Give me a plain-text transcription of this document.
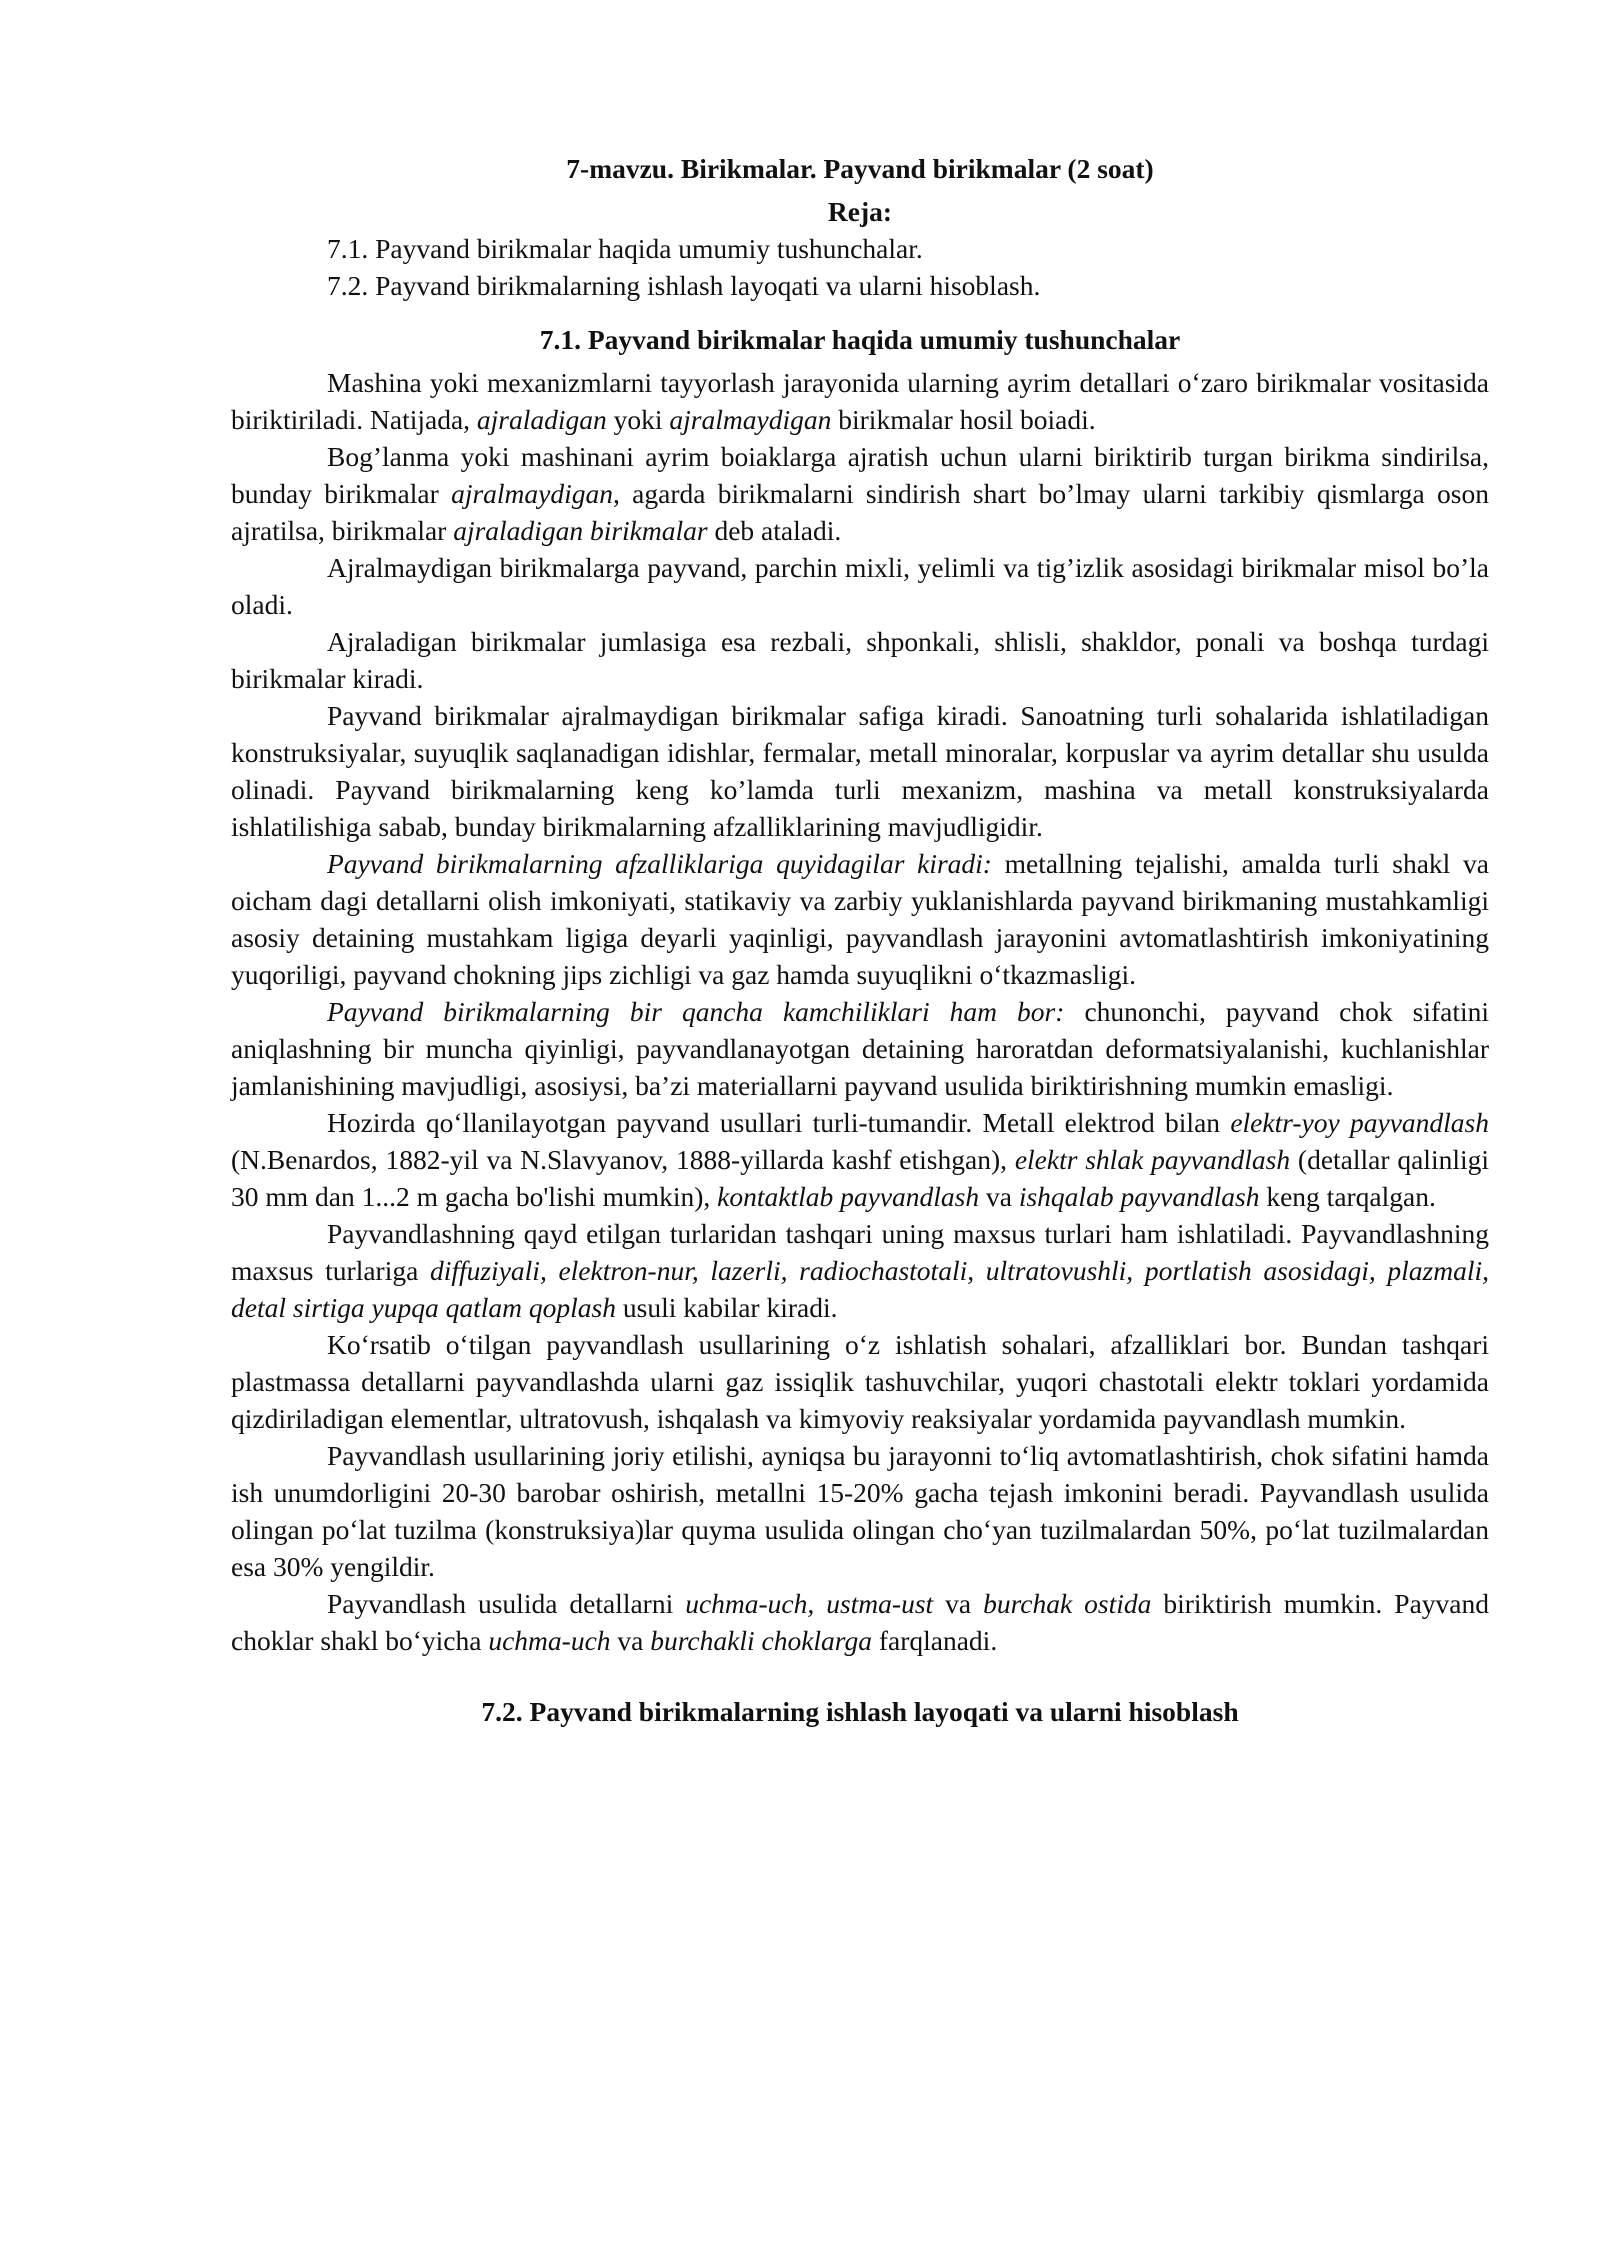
7-mavzu. Birikmalar. Payvand birikmalar (2 soat)

Reja:

7.1. Payvand birikmalar haqida umumiy tushunchalar.

7.2. Payvand birikmalarning ishlash layoqati va ularni hisoblash.

7.1. Payvand birikmalar haqida umumiy tushunchalar

Mashina yoki mexanizmlarni tayyorlash jarayonida ularning ayrim detallari o‘zaro birikmalar vositasida biriktiriladi. Natijada, ajraladigan yoki ajralmaydigan birikmalar hosil boiadi.

Bog’lanma yoki mashinani ayrim boiaklarga ajratish uchun ularni biriktirib turgan birikma sindirilsa, bunday birikmalar ajralmaydigan, agarda birikmalarni sindirish shart bo’lmay ularni tarkibiy qismlarga oson ajratilsa, birikmalar ajraladigan birikmalar deb ataladi.

Ajralmaydigan birikmalarga payvand, parchin mixli, yelimli va tig’izlik asosidagi birikmalar misol bo’la oladi.

Ajraladigan birikmalar jumlasiga esa rezbali, shponkali, shlisli, shakldor, ponali va boshqa turdagi birikmalar kiradi.

Payvand birikmalar ajralmaydigan birikmalar safiga kiradi. Sanoatning turli sohalarida ishlatiladigan konstruksiyalar, suyuqlik saqlanadigan idishlar, fermalar, metall minoralar, korpuslar va ayrim detallar shu usulda olinadi. Payvand birikmalarning keng ko’lamda turli mexanizm, mashina va metall konstruksiyalarda ishlatilishiga sabab, bunday birikmalarning afzalliklarining mavjudligidir.

Payvand birikmalarning afzalliklariga quyidagilar kiradi: metallning tejalishi, amalda turli shakl va oicham dagi detallarni olish imkoniyati, statikaviy va zarbiy yuklanishlarda payvand birikmaning mustahkamligi asosiy detaining mustahkam ligiga deyarli yaqinligi, payvandlash jarayonini avtomatlashtirish imkoniyatining yuqoriligi, payvand chokning jips zichligi va gaz hamda suyuqlikni o‘tkazmasligi.

Payvand birikmalarning bir qancha kamchiliklari ham bor: chunonchi, payvand chok sifatini aniqlashning bir muncha qiyinligi, payvandlanayotgan detaining haroratdan deformatsiyalanishi, kuchlanishlar jamlanishining mavjudligi, asosiysi, ba’zi materiallarni payvand usulida biriktirishning mumkin emasligi.

Hozirda qo‘llanilayotgan payvand usullari turli-tumandir. Metall elektrod bilan elektr-yoy payvandlash (N.Benardos, 1882-yil va N.Slavyanov, 1888-yillarda kashf etishgan), elektr shlak payvandlash (detallar qalinligi 30 mm dan 1...2 m gacha bo'lishi mumkin), kontaktlab payvandlash va ishqalab payvandlash keng tarqalgan.

Payvandlashning qayd etilgan turlaridan tashqari uning maxsus turlari ham ishlatiladi. Payvandlashning maxsus turlariga diffuziyali, elektron-nur, lazerli, radiochastotali, ultratovushli, portlatish asosidagi, plazmali, detal sirtiga yupqa qatlam qoplash usuli kabilar kiradi.

Ko‘rsatib o‘tilgan payvandlash usullarining o‘z ishlatish sohalari, afzalliklari bor. Bundan tashqari plastmassa detallarni payvandlashda ularni gaz issiqlik tashuvchilar, yuqori chastotali elektr toklari yordamida qizdiriladigan elementlar, ultratovush, ishqalash va kimyoviy reaksiyalar yordamida payvandlash mumkin.

Payvandlash usullarining joriy etilishi, ayniqsa bu jarayonni to‘liq avtomatlashtirish, chok sifatini hamda ish unumdorligini 20-30 barobar oshirish, metallni 15-20% gacha tejash imkonini beradi. Payvandlash usulida olingan po‘lat tuzilma (konstruksiya)lar quyma usulida olingan cho‘yan tuzilmalardan 50%, po‘lat tuzilmalardan esa 30% yengildir.

Payvandlash usulida detallarni uchma-uch, ustma-ust va burchak ostida biriktirish mumkin. Payvand choklar shakl bo‘yicha uchma-uch va burchakli choklarga farqlanadi.

7.2. Payvand birikmalarning ishlash layoqati va ularni hisoblash
